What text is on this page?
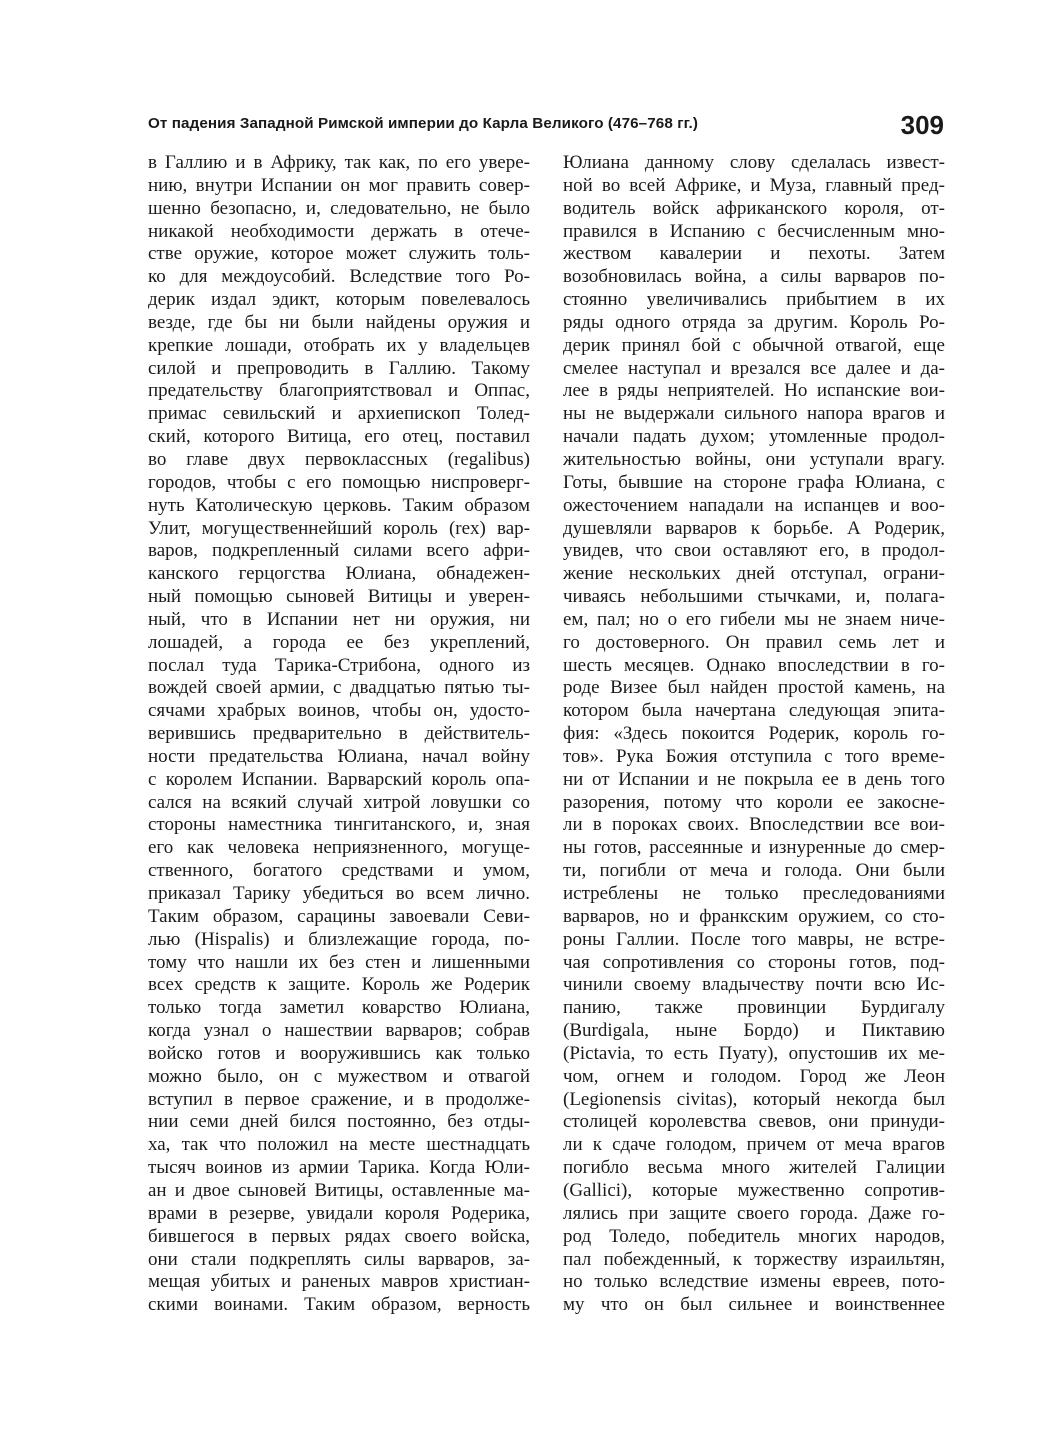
От падения Западной Римской империи до Карла Великого (476–768 гг.)	309
в Галлию и в Африку, так как, по его уверe-
нию, внутри Испании он мог править совер-
шенно безопасно, и, следовательно, не было
никакой необходимости держать в отече-
стве оружие, которое может служить толь-
ко для междоусобий. Вследствие того Ро-
дерик издал эдикт, которым повелевалось
везде, где бы ни были найдены оружия и
крепкие лошади, отобрать их у владельцев
силой и препроводить в Галлию. Такому
предательству благоприятствовал и Оппас,
примас севильский и архиепископ Толед-
ский, которого Витица, его отец, поставил
во главе двух первоклассных (regalibus)
городов, чтобы с его помощью ниспроверг-
нуть Католическую церковь. Таким образом
Улит, могущественнейший король (rex) вар-
варов, подкрепленный силами всего афри-
канского герцогства Юлиана, обнадежен-
ный помощью сыновей Витицы и уверен-
ный, что в Испании нет ни оружия, ни
лошадей, а города ее без укреплений,
послал туда Тарика-Стрибона, одного из
вождей своей армии, с двадцатью пятью ты-
сячами храбрых воинов, чтобы он, удосто-
верившись предварительно в действитель-
ности предательства Юлиана, начал войну
с королем Испании. Варварский король опа-
сался на всякий случай хитрой ловушки со
стороны наместника тингитанского, и, зная
его как человека неприязненного, могуще-
ственного, богатого средствами и умом,
приказал Тарику убедиться во всем лично.
Таким образом, сарацины завоевали Севи-
лью (Hispalis) и близлежащие города, по-
тому что нашли их без стен и лишенными
всех средств к защите. Король же Родерик
только тогда заметил коварство Юлиана,
когда узнал о нашествии варваров; собрав
войско готов и вооружившись как только
можно было, он с мужеством и отвагой
вступил в первое сражение, и в продолже-
нии семи дней бился постоянно, без отды-
ха, так что положил на месте шестнадцать
тысяч воинов из армии Тарика. Когда Юли-
ан и двое сыновей Витицы, оставленные ма-
врами в резерве, увидали короля Родерика,
бившегося в первых рядах своего войска,
они стали подкреплять силы варваров, за-
мещая убитых и раненых мавров христиан-
скими воинами. Таким образом, верность
Юлиана данному слову сделалась извест-
ной во всей Африке, и Муза, главный пред-
водитель войск африканского короля, от-
правился в Испанию с бесчисленным мно-
жеством кавалерии и пехоты. Затем
возобновилась война, а силы варваров по-
стоянно увеличивались прибытием в их
ряды одного отряда за другим. Король Ро-
дерик принял бой с обычной отвагой, еще
смелее наступал и врезался все далее и да-
лее в ряды неприятелей. Но испанские вои-
ны не выдержали сильного напора врагов и
начали падать духом; утомленные продол-
жительностью войны, они уступали врагу.
Готы, бывшие на стороне графа Юлиана, с
ожесточением нападали на испанцев и воо-
душевляли варваров к борьбе. А Родерик,
увидев, что свои оставляют его, в продол-
жение нескольких дней отступал, ограни-
чиваясь небольшими стычками, и, полага-
ем, пал; но о его гибели мы не знаем ниче-
го достоверного. Он правил семь лет и
шесть месяцев. Однако впоследствии в го-
роде Визее был найден простой камень, на
котором была начертана следующая эпита-
фия: «Здесь покоится Родерик, король го-
тов». Рука Божия отступила с того време-
ни от Испании и не покрыла ее в день того
разорения, потому что короли ее закосне-
ли в пороках своих. Впоследствии все вои-
ны готов, рассеянные и изнуренные до смер-
ти, погибли от меча и голода. Они были
истреблены не только преследованиями
варваров, но и франкским оружием, со сто-
роны Галлии. После того мавры, не встре-
чая сопротивления со стороны готов, под-
чинили своему владычеству почти всю Ис-
панию, также провинции Бурдигалу
(Burdigala, ныне Бордо) и Пиктавию
(Pictavia, то есть Пуату), опустошив их ме-
чом, огнем и голодом. Город же Леон
(Legionensis civitas), который некогда был
столицей королевства свевов, они принуди-
ли к сдаче голодом, причем от меча врагов
погибло весьма много жителей Галиции
(Gallici), которые мужественно сопротив-
лялись при защите своего города. Даже го-
род Толедо, победитель многих народов,
пал побежденный, к торжеству израильтян,
но только вследствие измены евреев, пото-
му что он был сильнее и воинственнее
